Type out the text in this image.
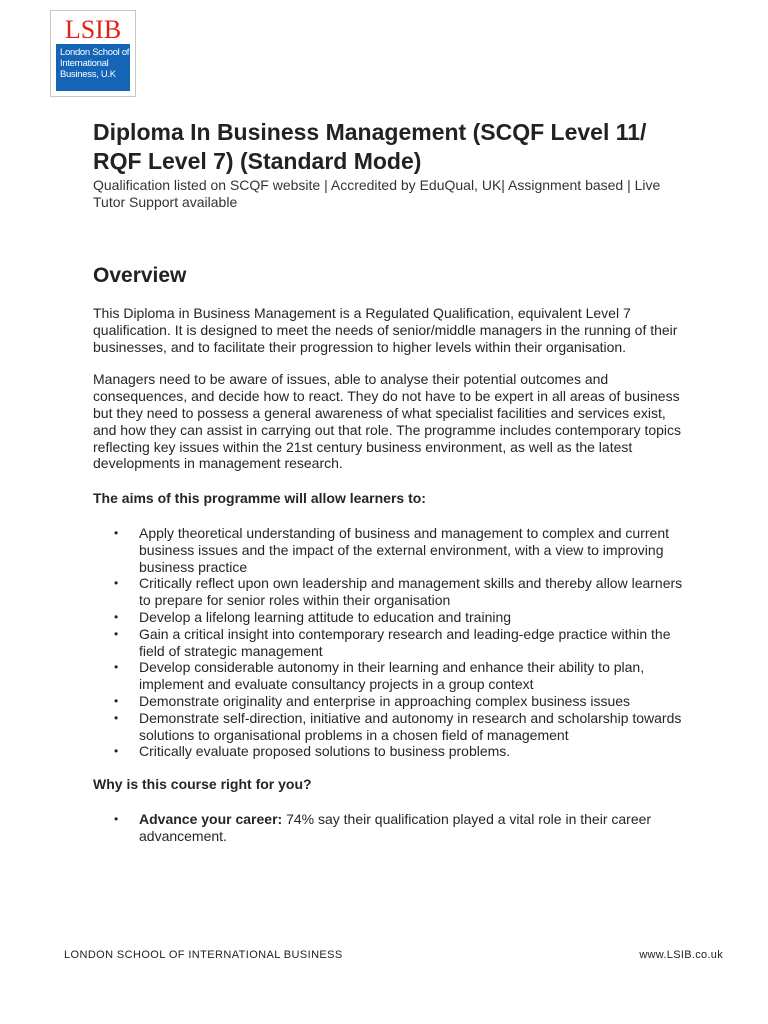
LSIB
London School of
International
Business, U.K
Diploma In Business Management (SCQF Level 11/ RQF Level 7) (Standard Mode)
Qualification listed on SCQF website | Accredited by EduQual, UK| Assignment based | Live Tutor Support available
Overview

This Diploma in Business Management is a Regulated Qualification, equivalent Level 7 qualification. It is designed to meet the needs of senior/middle managers in the running of their businesses, and to facilitate their progression to higher levels within their organisation.

Managers need to be aware of issues, able to analyse their potential outcomes and consequences, and decide how to react. They do not have to be expert in all areas of business but they need to possess a general awareness of what specialist facilities and services exist, and how they can assist in carrying out that role. The programme includes contemporary topics reflecting key issues within the 21st century business environment, as well as the latest developments in management research.

The aims of this programme will allow learners to:

• Apply theoretical understanding of business and management to complex and current business issues and the impact of the external environment, with a view to improving business practice
• Critically reflect upon own leadership and management skills and thereby allow learners to prepare for senior roles within their organisation
• Develop a lifelong learning attitude to education and training
• Gain a critical insight into contemporary research and leading-edge practice within the field of strategic management
• Develop considerable autonomy in their learning and enhance their ability to plan, implement and evaluate consultancy projects in a group context
• Demonstrate originality and enterprise in approaching complex business issues
• Demonstrate self-direction, initiative and autonomy in research and scholarship towards solutions to organisational problems in a chosen field of management
• Critically evaluate proposed solutions to business problems.

Why is this course right for you?

• Advance your career: 74% say their qualification played a vital role in their career advancement.
LONDON SCHOOL OF INTERNATIONAL BUSINESS	www.LSIB.co.uk
